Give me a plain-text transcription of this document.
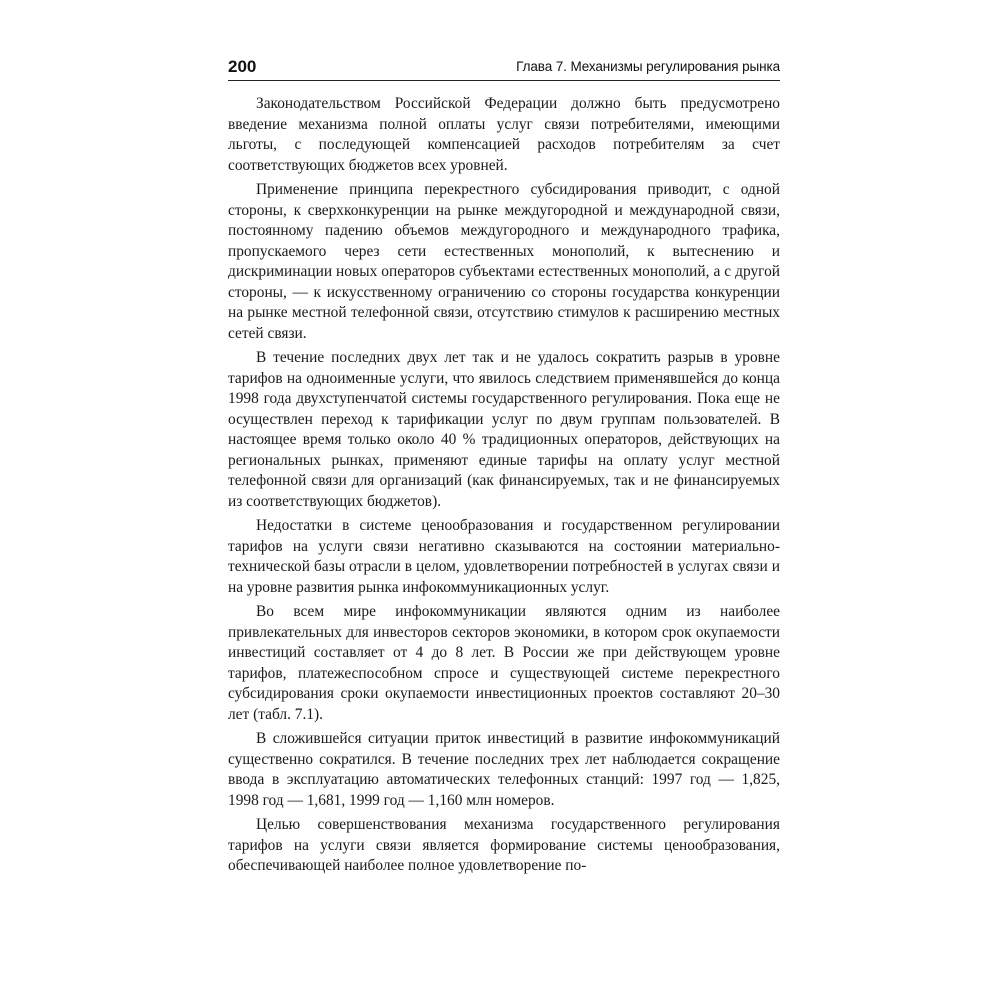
200	Глава 7. Механизмы регулирования рынка

Законодательством Российской Федерации должно быть предусмотрено введение механизма полной оплаты услуг связи потребителями, имеющими льготы, с последующей компенсацией расходов потребителям за счет соответствующих бюджетов всех уровней.

Применение принципа перекрестного субсидирования приводит, с одной стороны, к сверхконкуренции на рынке междугородной и международной связи, постоянному падению объемов междугородного и международного трафика, пропускаемого через сети естественных монополий, к вытеснению и дискриминации новых операторов субъектами естественных монополий, а с другой стороны, — к искусственному ограничению со стороны государства конкуренции на рынке местной телефонной связи, отсутствию стимулов к расширению местных сетей связи.

В течение последних двух лет так и не удалось сократить разрыв в уровне тарифов на одноименные услуги, что явилось следствием применявшейся до конца 1998 года двухступенчатой системы государственного регулирования. Пока еще не осуществлен переход к тарификации услуг по двум группам пользователей. В настоящее время только около 40 % традиционных операторов, действующих на региональных рынках, применяют единые тарифы на оплату услуг местной телефонной связи для организаций (как финансируемых, так и не финансируемых из соответствующих бюджетов).

Недостатки в системе ценообразования и государственном регулировании тарифов на услуги связи негативно сказываются на состоянии материально-технической базы отрасли в целом, удовлетворении потребностей в услугах связи и на уровне развития рынка инфокоммуникационных услуг.

Во всем мире инфокоммуникации являются одним из наиболее привлекательных для инвесторов секторов экономики, в котором срок окупаемости инвестиций составляет от 4 до 8 лет. В России же при действующем уровне тарифов, платежеспособном спросе и существующей системе перекрестного субсидирования сроки окупаемости инвестиционных проектов составляют 20–30 лет (табл. 7.1).

В сложившейся ситуации приток инвестиций в развитие инфокоммуникаций существенно сократился. В течение последних трех лет наблюдается сокращение ввода в эксплуатацию автоматических телефонных станций: 1997 год — 1,825, 1998 год — 1,681, 1999 год — 1,160 млн номеров.

Целью совершенствования механизма государственного регулирования тарифов на услуги связи является формирование системы ценообразования, обеспечивающей наиболее полное удовлетворение по-
